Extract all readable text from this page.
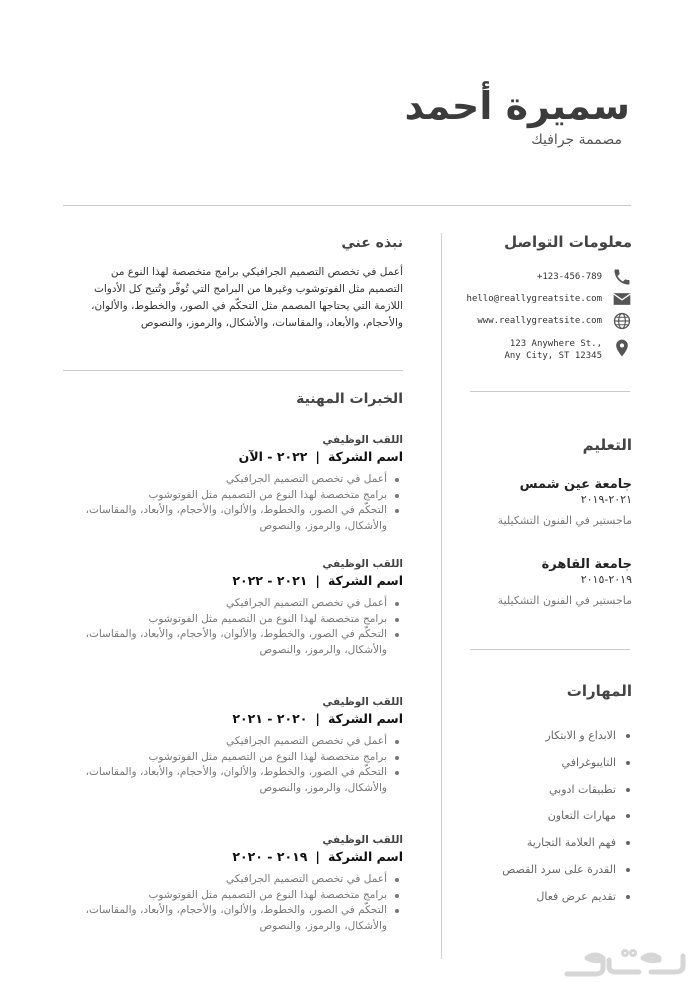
سميرة أحمد
مصممة جرافيك
معلومات التواصل
+123-456-789
hello@reallygreatsite.com
www.reallygreatsite.com
123 Anywhere St.,
Any City, ST 12345
التعليم
جامعة عين شمس
٢٠٢١-٢٠١٩
ماجستير في الفنون التشكيلية
جامعة القاهرة
٢٠١٩-٢٠١٥
ماجستير في الفنون التشكيلية
المهارات
الابداع و الابتكار
التايبوغرافي
تطبيقات ادوبي
مهارات التعاون
فهم العلامة التجارية
القدرة على سرد القصص
تقديم عرض فعال
نبذه عني

أعمل في تخصص التصميم الجرافيكي برامج متخصصة لهذا النوع من التصميم مثل الفوتوشوب وغيرها من البرامج التي تُوفّر وتُتيح كل الأدوات اللازمة التي يحتاجها المصمم مثل التحكّم في الصور، والخطوط، والألوان، والأحجام، والأبعاد، والمقاسات، والأشكال، والرموز، والنصوص

الخبرات المهنية
اللقب الوظيفي
اسم الشركة|٢٠٢٢ - الآن
أعمل في تخصص التصميم الجرافيكي
برامج متخصصة لهذا النوع من التصميم مثل الفوتوشوب
التحكّم في الصور، والخطوط، والألوان، والأحجام، والأبعاد، والمقاسات، والأشكال، والرموز، والنصوص
اللقب الوظيفي
اسم الشركة|٢٠٢١ - ٢٠٢٢
أعمل في تخصص التصميم الجرافيكي
برامج متخصصة لهذا النوع من التصميم مثل الفوتوشوب
التحكّم في الصور، والخطوط، والألوان، والأحجام، والأبعاد، والمقاسات، والأشكال، والرموز، والنصوص
اللقب الوظيفي
اسم الشركة|٢٠٢٠ - ٢٠٢١
أعمل في تخصص التصميم الجرافيكي
برامج متخصصة لهذا النوع من التصميم مثل الفوتوشوب
التحكّم في الصور، والخطوط، والألوان، والأحجام، والأبعاد، والمقاسات، والأشكال، والرموز، والنصوص
اللقب الوظيفي
اسم الشركة|٢٠١٩ - ٢٠٢٠
أعمل في تخصص التصميم الجرافيكي
برامج متخصصة لهذا النوع من التصميم مثل الفوتوشوب
التحكّم في الصور، والخطوط، والألوان، والأحجام، والأبعاد، والمقاسات، والأشكال، والرموز، والنصوص
